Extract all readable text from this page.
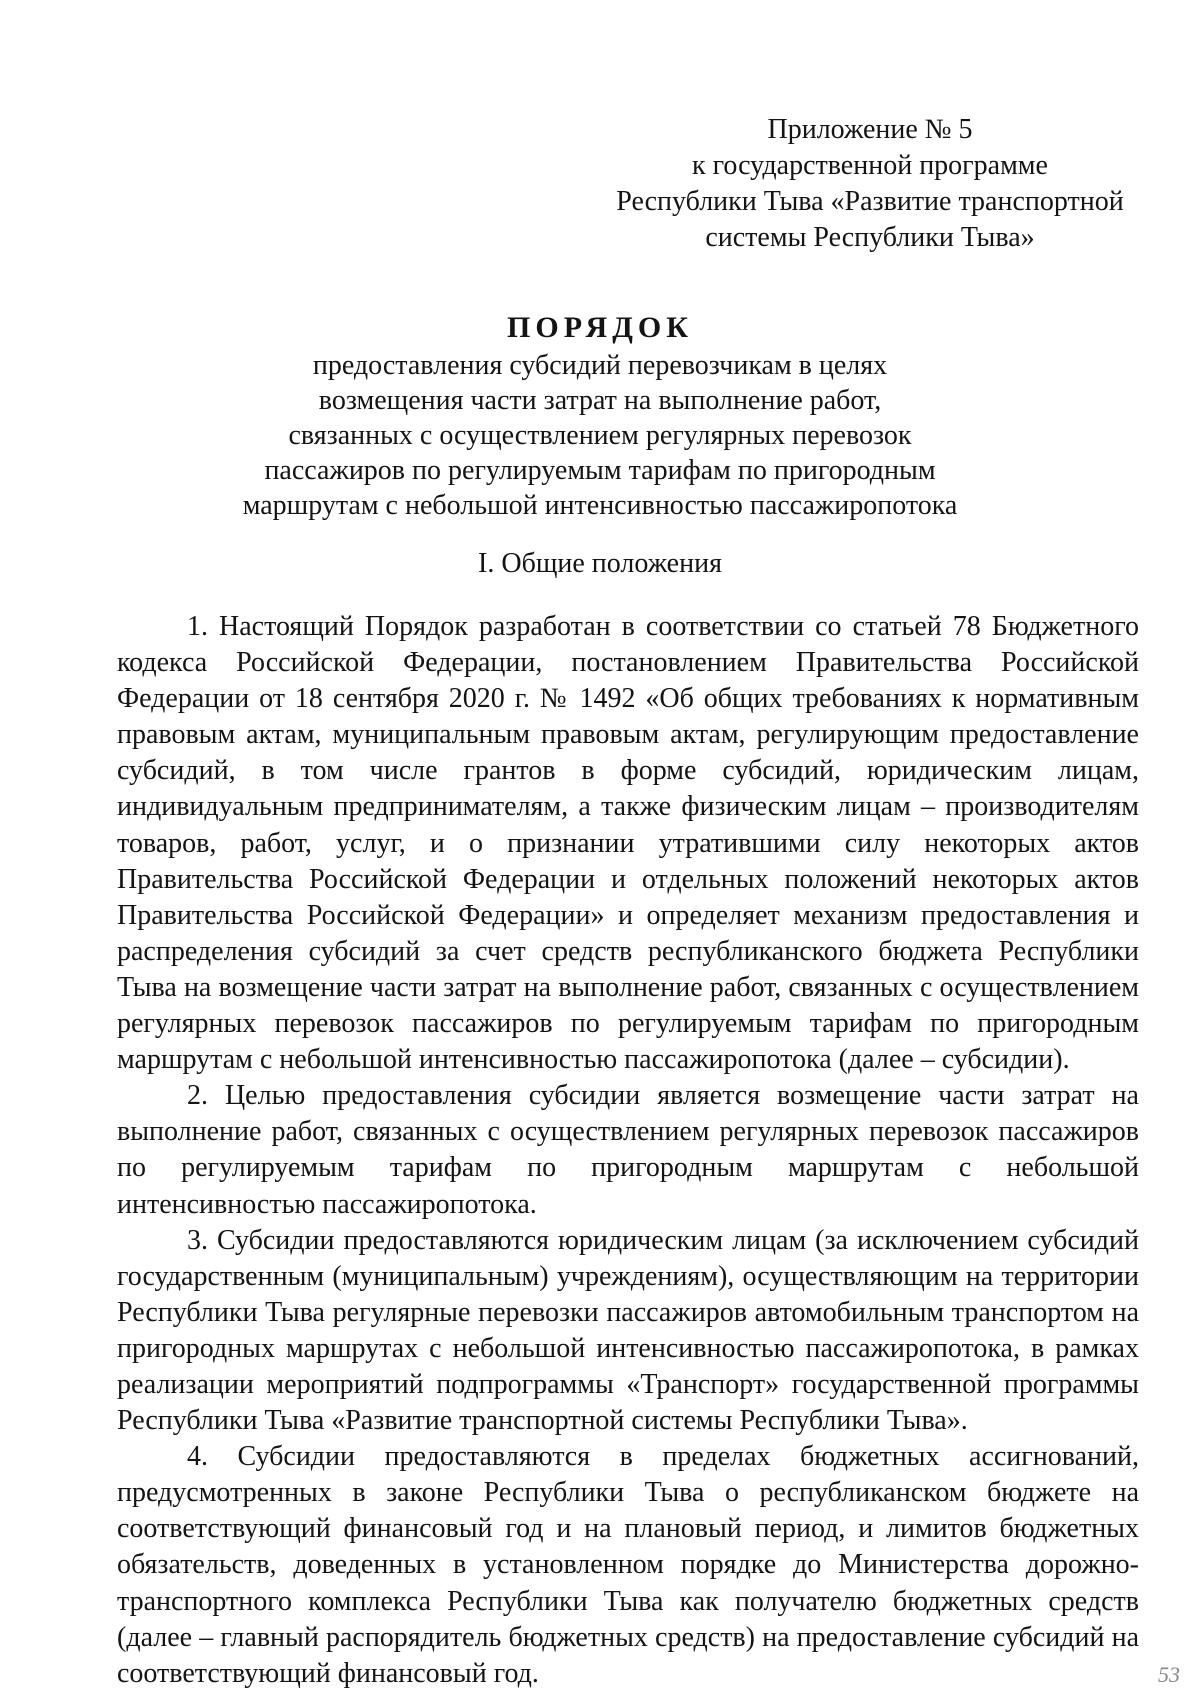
Приложение № 5
к государственной программе
Республики Тыва «Развитие транспортной
системы Республики Тыва»
ПОРЯДОК
предоставления субсидий перевозчикам в целях
возмещения части затрат на выполнение работ,
связанных с осуществлением регулярных перевозок
пассажиров по регулируемым тарифам по пригородным
маршрутам с небольшой интенсивностью пассажиропотока
I. Общие положения

1. Настоящий Порядок разработан в соответствии со статьей 78 Бюджетного кодекса Российской Федерации, постановлением Правительства Российской Федерации от 18 сентября 2020 г. № 1492 «Об общих требованиях к нормативным правовым актам, муниципальным правовым актам, регулирующим предоставление субсидий, в том числе грантов в форме субсидий, юридическим лицам, индивидуальным предпринимателям, а также физическим лицам – производителям товаров, работ, услуг, и о признании утратившими силу некоторых актов Правительства Российской Федерации и отдельных положений некоторых актов Правительства Российской Федерации» и определяет механизм предоставления и распределения субсидий за счет средств республиканского бюджета Республики Тыва на возмещение части затрат на выполнение работ, связанных с осуществлением регулярных перевозок пассажиров по регулируемым тарифам по пригородным маршрутам с небольшой интенсивностью пассажиропотока (далее – субсидии).

2. Целью предоставления субсидии является возмещение части затрат на выполнение работ, связанных с осуществлением регулярных перевозок пассажиров по регулируемым тарифам по пригородным маршрутам с небольшой интенсивностью пассажиропотока.

3. Субсидии предоставляются юридическим лицам (за исключением субсидий государственным (муниципальным) учреждениям), осуществляющим на территории Республики Тыва регулярные перевозки пассажиров автомобильным транспортом на пригородных маршрутах с небольшой интенсивностью пассажиропотока, в рамках реализации мероприятий подпрограммы «Транспорт» государственной программы Республики Тыва «Развитие транспортной системы Республики Тыва».

4. Субсидии предоставляются в пределах бюджетных ассигнований, предусмотренных в законе Республики Тыва о республиканском бюджете на соответствующий финансовый год и на плановый период, и лимитов бюджетных обязательств, доведенных в установленном порядке до Министерства дорожно-транспортного комплекса Республики Тыва как получателю бюджетных средств (далее – главный распорядитель бюджетных средств) на предоставление субсидий на соответствующий финансовый год.	53
